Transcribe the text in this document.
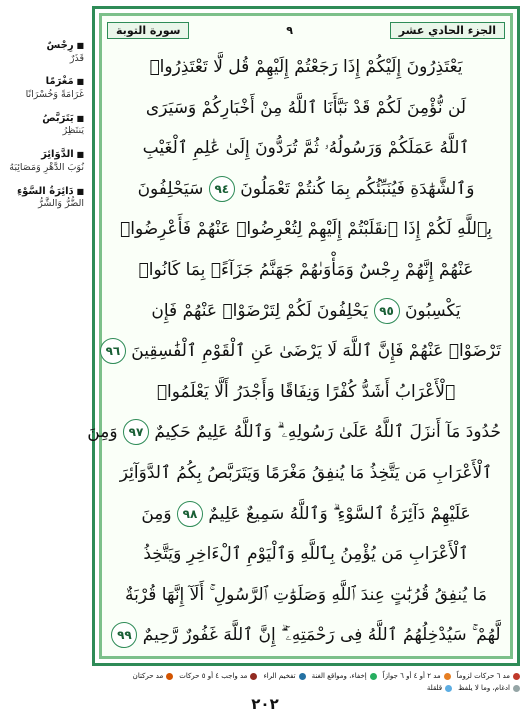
■ رِجْسٌ
قَذَرٌ
■ مَغْرَمًا
غَرَامَةً وَخُسْرَانًا
■ يَتَرَبَّصُ
يَنتَظِرُ
■ الدَّوَائِرَ
نُوَبَ الدَّهْرِ وَمَصَائِبَهُ
■ دَائِرَةُ السَّوْءِ
الضُّرُّ وَالشَّرُّ
الجزء الحادي عشر
٩
سورة التوبة
يَعْتَذِرُونَ إِلَيْكُمْ إِذَا رَجَعْتُمْ إِلَيْهِمْ قُل لَّا تَعْتَذِرُوا۟
لَن نُّؤْمِنَ لَكُمْ قَدْ نَبَّأَنَا ٱللَّهُ مِنْ أَخْبَارِكُمْ وَسَيَرَى
ٱللَّهُ عَمَلَكُمْ وَرَسُولُهُۥ ثُمَّ تُرَدُّونَ إِلَىٰ عَٰلِمِ ٱلْغَيْبِ
وَٱلشَّهَٰدَةِ فَيُنَبِّئُكُم بِمَا كُنتُمْ تَعْمَلُونَ ٩٤ سَيَحْلِفُونَ
بِٱللَّهِ لَكُمْ إِذَا ٱنقَلَبْتُمْ إِلَيْهِمْ لِتُعْرِضُوا۟ عَنْهُمْ فَأَعْرِضُوا۟
عَنْهُمْ إِنَّهُمْ رِجْسٌ وَمَأْوَىٰهُمْ جَهَنَّمُ جَزَآءًۢ بِمَا كَانُوا۟
يَكْسِبُونَ ٩٥ يَحْلِفُونَ لَكُمْ لِتَرْضَوْا۟ عَنْهُمْ فَإِن
تَرْضَوْا۟ عَنْهُمْ فَإِنَّ ٱللَّهَ لَا يَرْضَىٰ عَنِ ٱلْقَوْمِ ٱلْفَٰسِقِينَ ٩٦
ٱلْأَعْرَابُ أَشَدُّ كُفْرًا وَنِفَاقًا وَأَجْدَرُ أَلَّا يَعْلَمُوا۟
حُدُودَ مَآ أَنزَلَ ٱللَّهُ عَلَىٰ رَسُولِهِۦ ۗ وَٱللَّهُ عَلِيمٌ حَكِيمٌ ٩٧ وَمِنَ
ٱلْأَعْرَابِ مَن يَتَّخِذُ مَا يُنفِقُ مَغْرَمًا وَيَتَرَبَّصُ بِكُمُ ٱلدَّوَآئِرَ
عَلَيْهِمْ دَآئِرَةُ ٱلسَّوْءِ ۗ وَٱللَّهُ سَمِيعٌ عَلِيمٌ ٩٨ وَمِنَ
ٱلْأَعْرَابِ مَن يُؤْمِنُ بِٱللَّهِ وَٱلْيَوْمِ ٱلْءَاخِرِ وَيَتَّخِذُ
مَا يُنفِقُ قُرُبَٰتٍ عِندَ ٱللَّهِ وَصَلَوَٰتِ ٱلرَّسُولِ ۚ أَلَآ إِنَّهَا قُرْبَةٌ
لَّهُمْ ۚ سَيُدْخِلُهُمُ ٱللَّهُ فِى رَحْمَتِهِۦٓ ۗ إِنَّ ٱللَّهَ غَفُورٌ رَّحِيمٌ ٩٩
مد ٦ حركات لزوماً
مد ٢ أو ٤ أو ٦ جوازاً
إخفاء، ومواقع الغنة
تفخيم الراء
مد واجب ٤ أو ٥ حركات
مد حركتان
ادغام، وما لا يلفظ
قلقلة
٢٠٢
